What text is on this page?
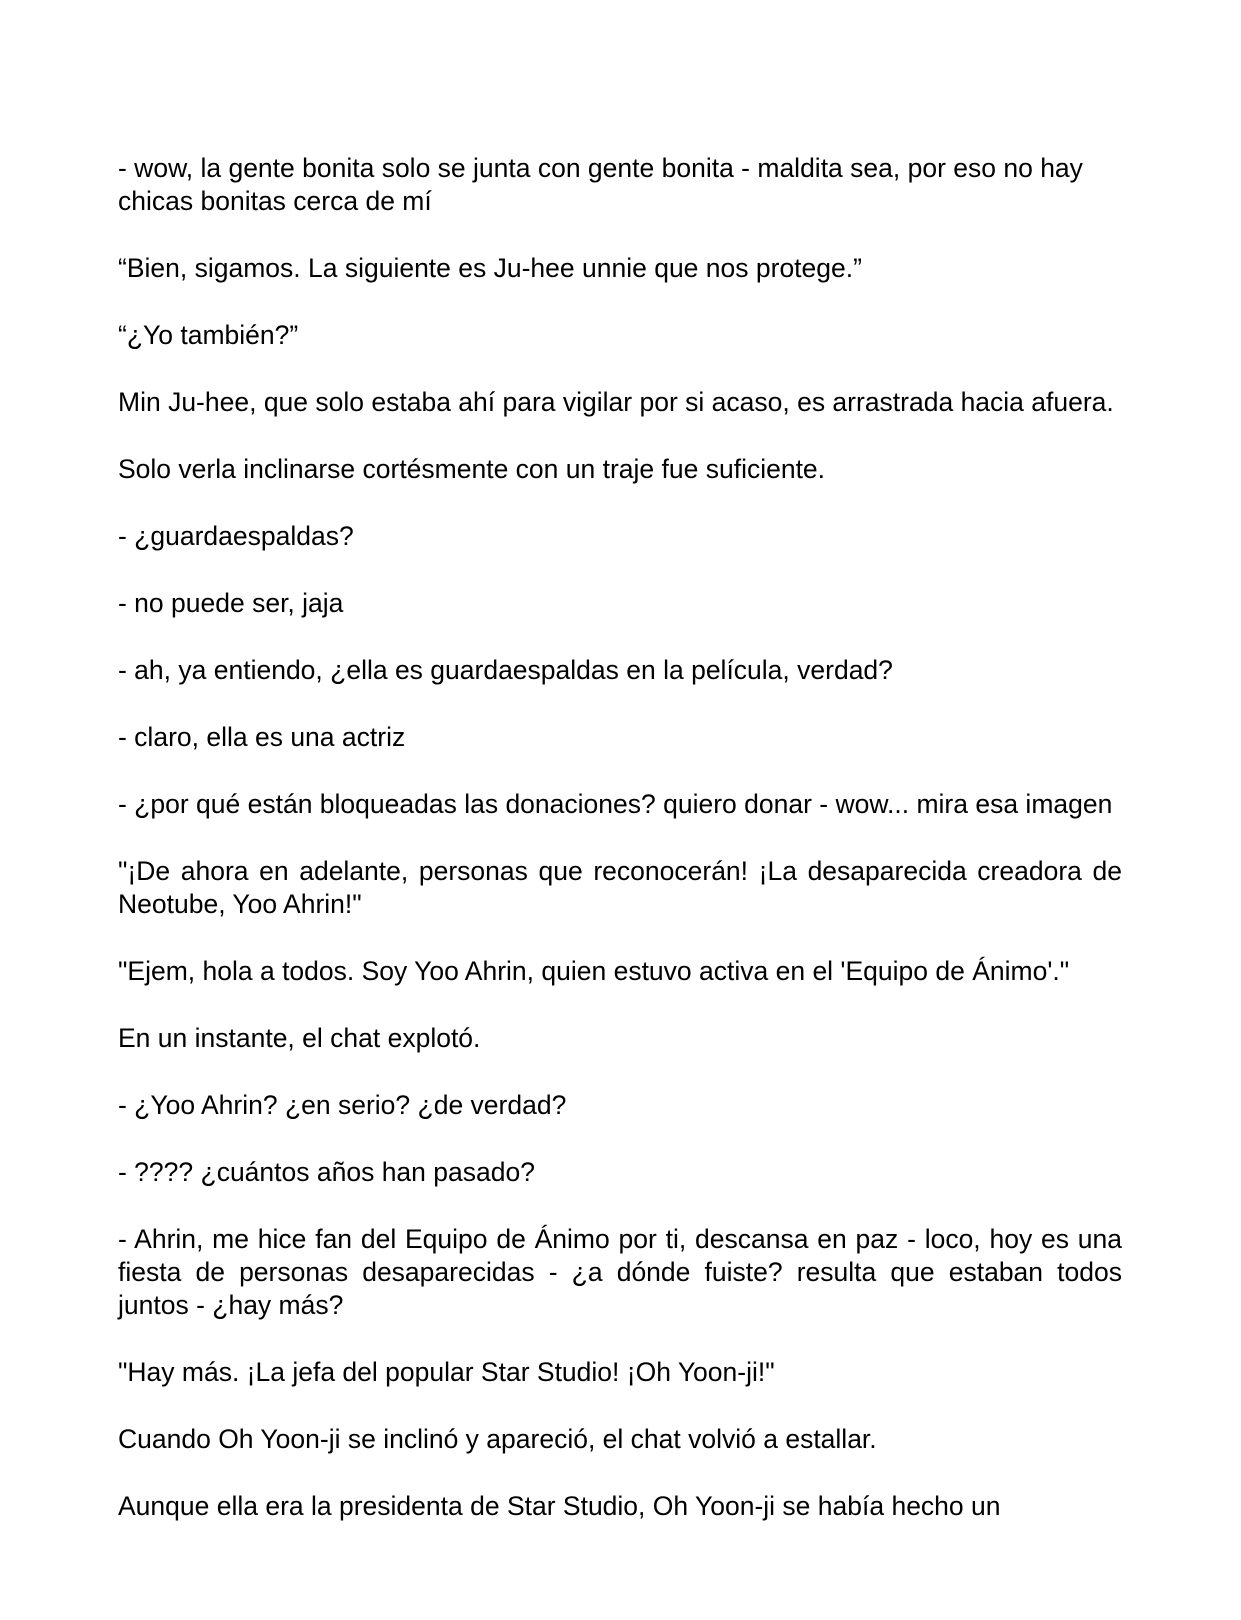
- wow, la gente bonita solo se junta con gente bonita - maldita sea, por eso no hay chicas bonitas cerca de mí

“Bien, sigamos. La siguiente es Ju-hee unnie que nos protege.”

“¿Yo también?”

Min Ju-hee, que solo estaba ahí para vigilar por si acaso, es arrastrada hacia afuera.

Solo verla inclinarse cortésmente con un traje fue suficiente.

- ¿guardaespaldas?

- no puede ser, jaja

- ah, ya entiendo, ¿ella es guardaespaldas en la película, verdad?

- claro, ella es una actriz

- ¿por qué están bloqueadas las donaciones? quiero donar - wow... mira esa imagen

"¡De ahora en adelante, personas que reconocerán! ¡La desaparecida creadora de Neotube, Yoo Ahrin!"

"Ejem, hola a todos. Soy Yoo Ahrin, quien estuvo activa en el 'Equipo de Ánimo'."

En un instante, el chat explotó.

- ¿Yoo Ahrin? ¿en serio? ¿de verdad?

- ???? ¿cuántos años han pasado?

- Ahrin, me hice fan del Equipo de Ánimo por ti, descansa en paz - loco, hoy es una fiesta de personas desaparecidas - ¿a dónde fuiste? resulta que estaban todos juntos - ¿hay más?

"Hay más. ¡La jefa del popular Star Studio! ¡Oh Yoon-ji!"

Cuando Oh Yoon-ji se inclinó y apareció, el chat volvió a estallar.

Aunque ella era la presidenta de Star Studio, Oh Yoon-ji se había hecho un
